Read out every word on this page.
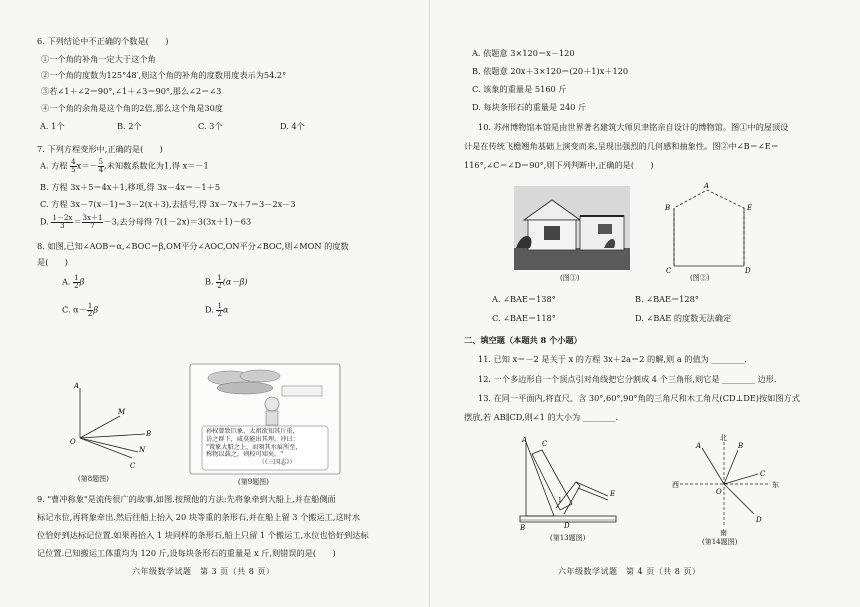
6. 下列结论中不正确的个数是(　　)
①一个角的补角一定大于这个角
②一个角的度数为125°48′,则这个角的补角的度数用度表示为54.2°
③若∠1＋∠2＝90°,∠1＋∠3＝90°,那么∠2＝∠3
④一个角的余角是这个角的2倍,那么这个角是30度
A. 1个	B. 2个	C. 3个	D. 4个
7. 下列方程变形中,正确的是(　　)
A. 方程 $\frac{4}{5} x=- \frac{5}{4}$ ,未知数系数化为1,得 x＝－1
B. 方程 3x＋5＝4x＋1,移项,得 3x－4x＝－1＋5
C. 方程 3x－7(x－1)＝3－2(x＋3),去括号,得 3x－7x＋7＝3－2x－3
D. $\frac{1-2x}{3} = \frac{3x+1}{7} -3$,去分母得 7(1－2x)＝3(3x＋1)－63
8. 如图,已知∠AOB＝α,∠BOC＝β,OM平分∠AOC,ON平分∠BOC,则∠MON 的度数
是(　　)
A. $\frac{1}{2}$ β	B. $\frac{1}{2} (\alpha-\beta)$
C. $\alpha- \frac{1}{2}$ β	D. $\frac{1}{2}$ α
A
M
B
N
C
O
(第8题图)
孙权曾致巨象，太祖欲知其斤重，
访之群下，咸莫能出其理。冲曰：
"置象大船之上，而刻其水痕所至，
称物以载之，则校可知矣。"
　　　　　　　　　（《三国志》）
(第9题图)
9. "曹冲称象"是流传很广的故事,如图.按照他的方法:先将象牵到大船上,并在船侧面
标记水位,再将象牵出.然后往船上抬入 20 块等重的条形石,并在船上留 3 个搬运工,这时水
位恰好到达标记位置.如果再抬入 1 块同样的条形石,船上只留 1 个搬运工,水位也恰好到达标
记位置.已知搬运工体重均为 120 斤,设每块条形石的重量是 x 斤,则错误的是(　　)
六年级数学试题　第 3 页（共 8 页）
A. 依题意 3×120＝x－120
B. 依题意 20x＋3×120＝(20＋1)x＋120
C. 该象的重量是 5160 斤
D. 每块条形石的重量是 240 斤
10. 苏州博物馆本馆是由世界著名建筑大师贝聿铭亲自设计的博物馆。图①中的屋顶设
计是在传统飞檐翘角基础上演变而来,呈现出强烈的几何感和抽象性。图②中∠B＝∠E＝
116°,∠C＝∠D＝90°,则下列判断中,正确的是(　　)
(图①)
A
B	E
C	D
(图②)
A. ∠BAE＝138°	B. ∠BAE＝128°
C. ∠BAE＝118°	D. ∠BAE 的度数无法确定
二、填空题（本题共 8 个小题）
11. 已知 x＝－2 是关于 x 的方程 3x＋2a＝2 的解,则 a 的值为 ________.
12. 一个多边形自一个顶点引对角线把它分割成 4 个三角形,则它是 ________ 边形.
13. 在同一平面内,将直尺、含 30°,60°,90°角的三角尺和木工角尺(CD⊥DE)按如图方式
摆放,若 AB∥CD,则∠1 的大小为 ________.
A C
E
1
B	D
(第13题图)
北
A	B
西	东
O
C
D
南
(第14题图)
六年级数学试题　第 4 页（共 8 页）
